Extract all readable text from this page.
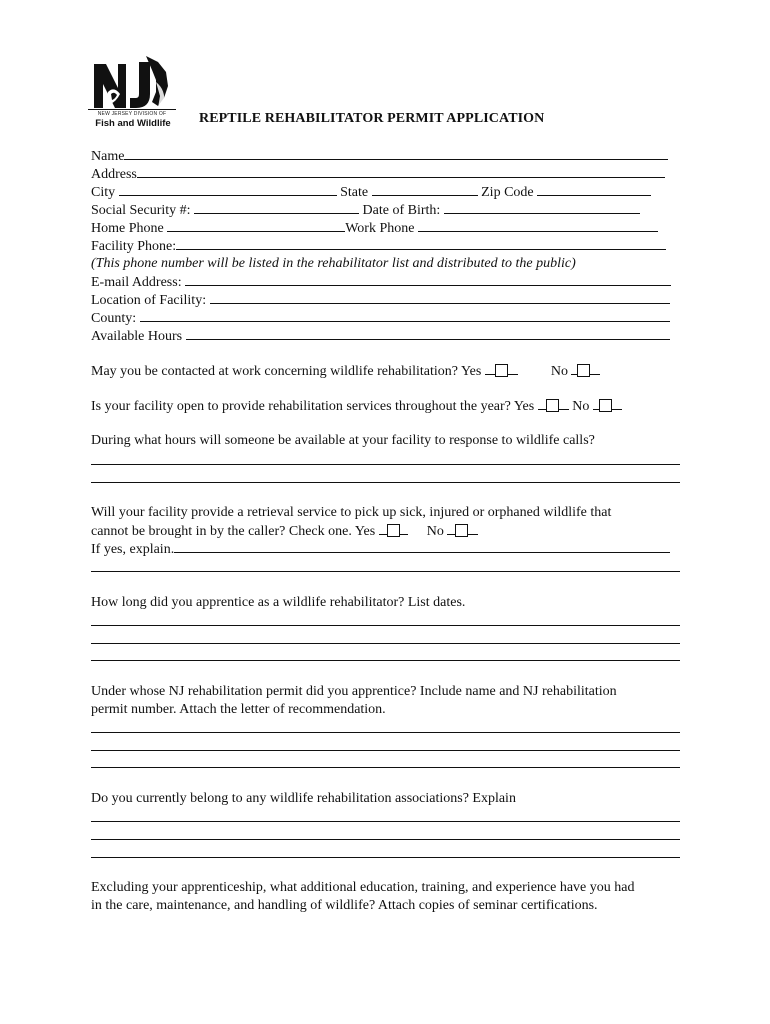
NEW JERSEY DIVISION OF
Fish and Wildlife	REPTILE REHABILITATOR PERMIT APPLICATION
Name
Address
City	State	Zip Code
Social Security #:	Date of Birth:
Home Phone	Work Phone
Facility Phone:
(This phone number will be listed in the rehabilitator list and distributed to the public)
E-mail Address:
Location of Facility:
County:
Available Hours
May you be contacted at work concerning wildlife rehabilitation? Yes	No
Is your facility open to provide rehabilitation services throughout the year? Yes	No
During what hours will someone be available at your facility to response to wildlife calls?
Will your facility provide a retrieval service to pick up sick, injured or orphaned wildlife that
cannot be brought in by the caller? Check one. Yes	No
If yes, explain.
How long did you apprentice as a wildlife rehabilitator? List dates.
Under whose NJ rehabilitation permit did you apprentice? Include name and NJ rehabilitation
permit number. Attach the letter of recommendation.
Do you currently belong to any wildlife rehabilitation associations? Explain
Excluding your apprenticeship, what additional education, training, and experience have you had
in the care, maintenance, and handling of wildlife? Attach copies of seminar certifications.
